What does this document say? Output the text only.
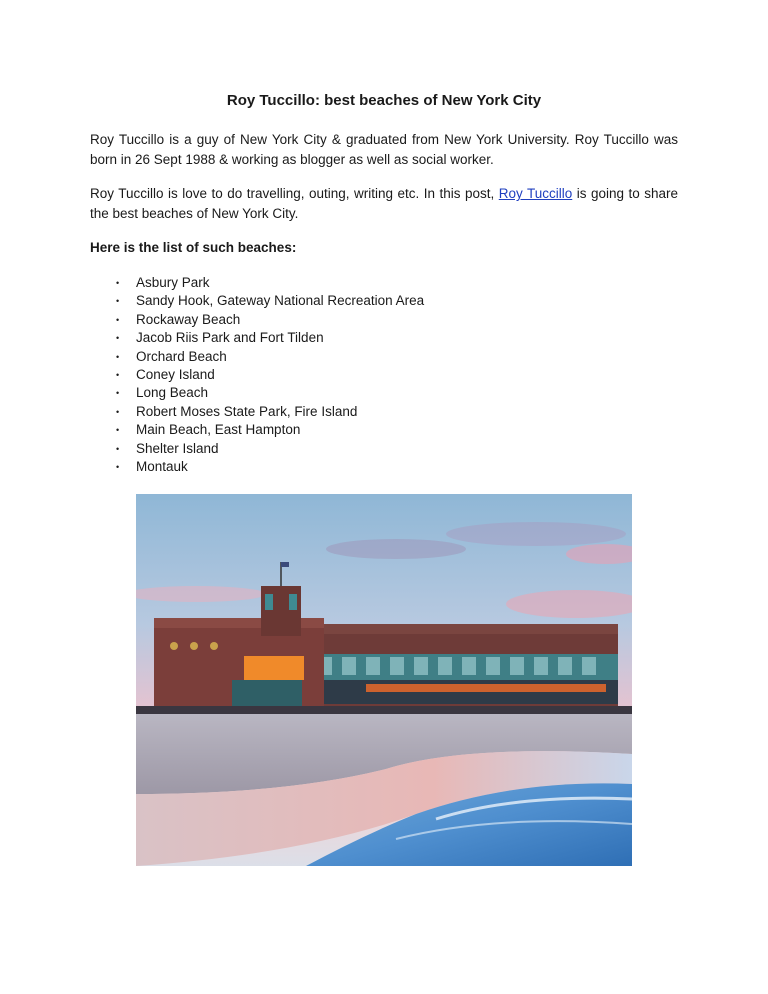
Roy Tuccillo: best beaches of New York City
Roy Tuccillo is a guy of New York City & graduated from New York University. Roy Tuccillo was born in 26 Sept 1988 & working as blogger as well as social worker.
Roy Tuccillo is love to do travelling, outing, writing etc. In this post, Roy Tuccillo is going to share the best beaches of New York City.
Here is the list of such beaches:
• Asbury Park
• Sandy Hook, Gateway National Recreation Area
• Rockaway Beach
• Jacob Riis Park and Fort Tilden
• Orchard Beach
• Coney Island
• Long Beach
• Robert Moses State Park, Fire Island
• Main Beach, East Hampton
• Shelter Island
• Montauk
